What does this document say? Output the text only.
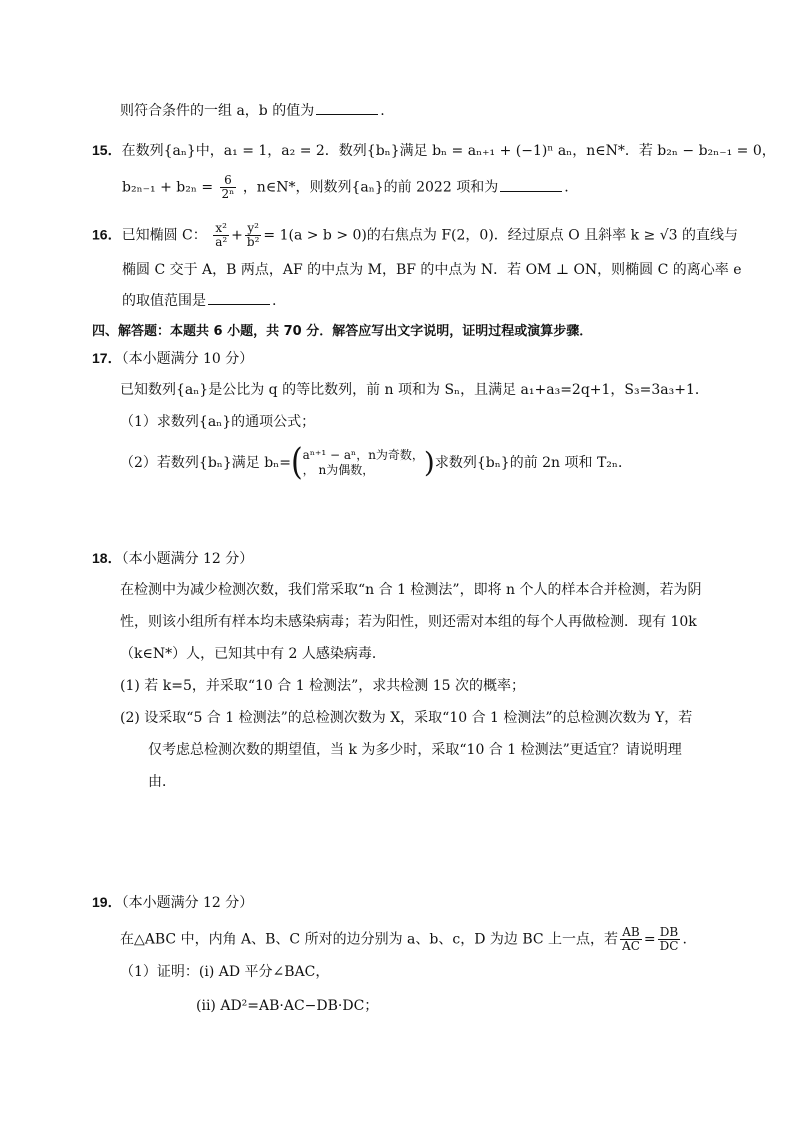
则符合条件的一组 a，b 的值为	.
15．在数列{aₙ}中，a₁ = 1，a₂ = 2．数列{bₙ}满足 bₙ = aₙ₊₁ + (−1)ⁿ aₙ，n∈N*．若 b₂ₙ − b₂ₙ₋₁ = 0，
$b_{2n-1} + b_{2n} = \frac{6}{\text{2ⁿ}}$ ，n∈N*，则数列{aₙ}的前 2022 项和为	.
16．已知椭圆 C： $\frac{\text{x²}}{\text{a²}} + \frac{\text{y²}}{\text{b²}} = 1(a > b > 0)$的右焦点为 F(2，0)．经过原点 O 且斜率 k ≥ √3 的直线与
椭圆 C 交于 A，B 两点，AF 的中点为 M，BF 的中点为 N．若 OM ⊥ ON，则椭圆 C 的离心率 e
的取值范围是	.
四、解答题：本题共 6 小题，共 70 分．解答应写出文字说明，证明过程或演算步骤．
17．（本小题满分 10 分）
已知数列{aₙ}是公比为 q 的等比数列，前 n 项和为 Sₙ，且满足 a₁+a₃=2q+1，S₃=3a₃+1．
（1）求数列{aₙ}的通项公式；
（2）若数列{bₙ}满足 bₙ=( aⁿ⁺¹ − aⁿ，n为奇数，
， n为偶数，	)求数列{bₙ}的前 2n 项和 T₂ₙ．
18．（本小题满分 12 分）
在检测中为减少检测次数，我们常采取“n 合 1 检测法”，即将 n 个人的样本合并检测，若为阴
性，则该小组所有样本均未感染病毒；若为阳性，则还需对本组的每个人再做检测．现有 10k
（k∈N*）人，已知其中有 2 人感染病毒．
(1) 若 k=5，并采取“10 合 1 检测法”，求共检测 15 次的概率；
(2) 设采取“5 合 1 检测法”的总检测次数为 X，采取“10 合 1 检测法”的总检测次数为 Y，若
仅考虑总检测次数的期望值，当 k 为多少时，采取“10 合 1 检测法”更适宜？请说明理
由．
19．（本小题满分 12 分）
在△ABC 中，内角 A、B、C 所对的边分别为 a、b、c，D 为边 BC 上一点，若 $\frac{AB}{AC} = \frac{DB}{DC}$ .
（1）证明：(i) AD 平分∠BAC，
(ii) AD²=AB·AC−DB·DC；
